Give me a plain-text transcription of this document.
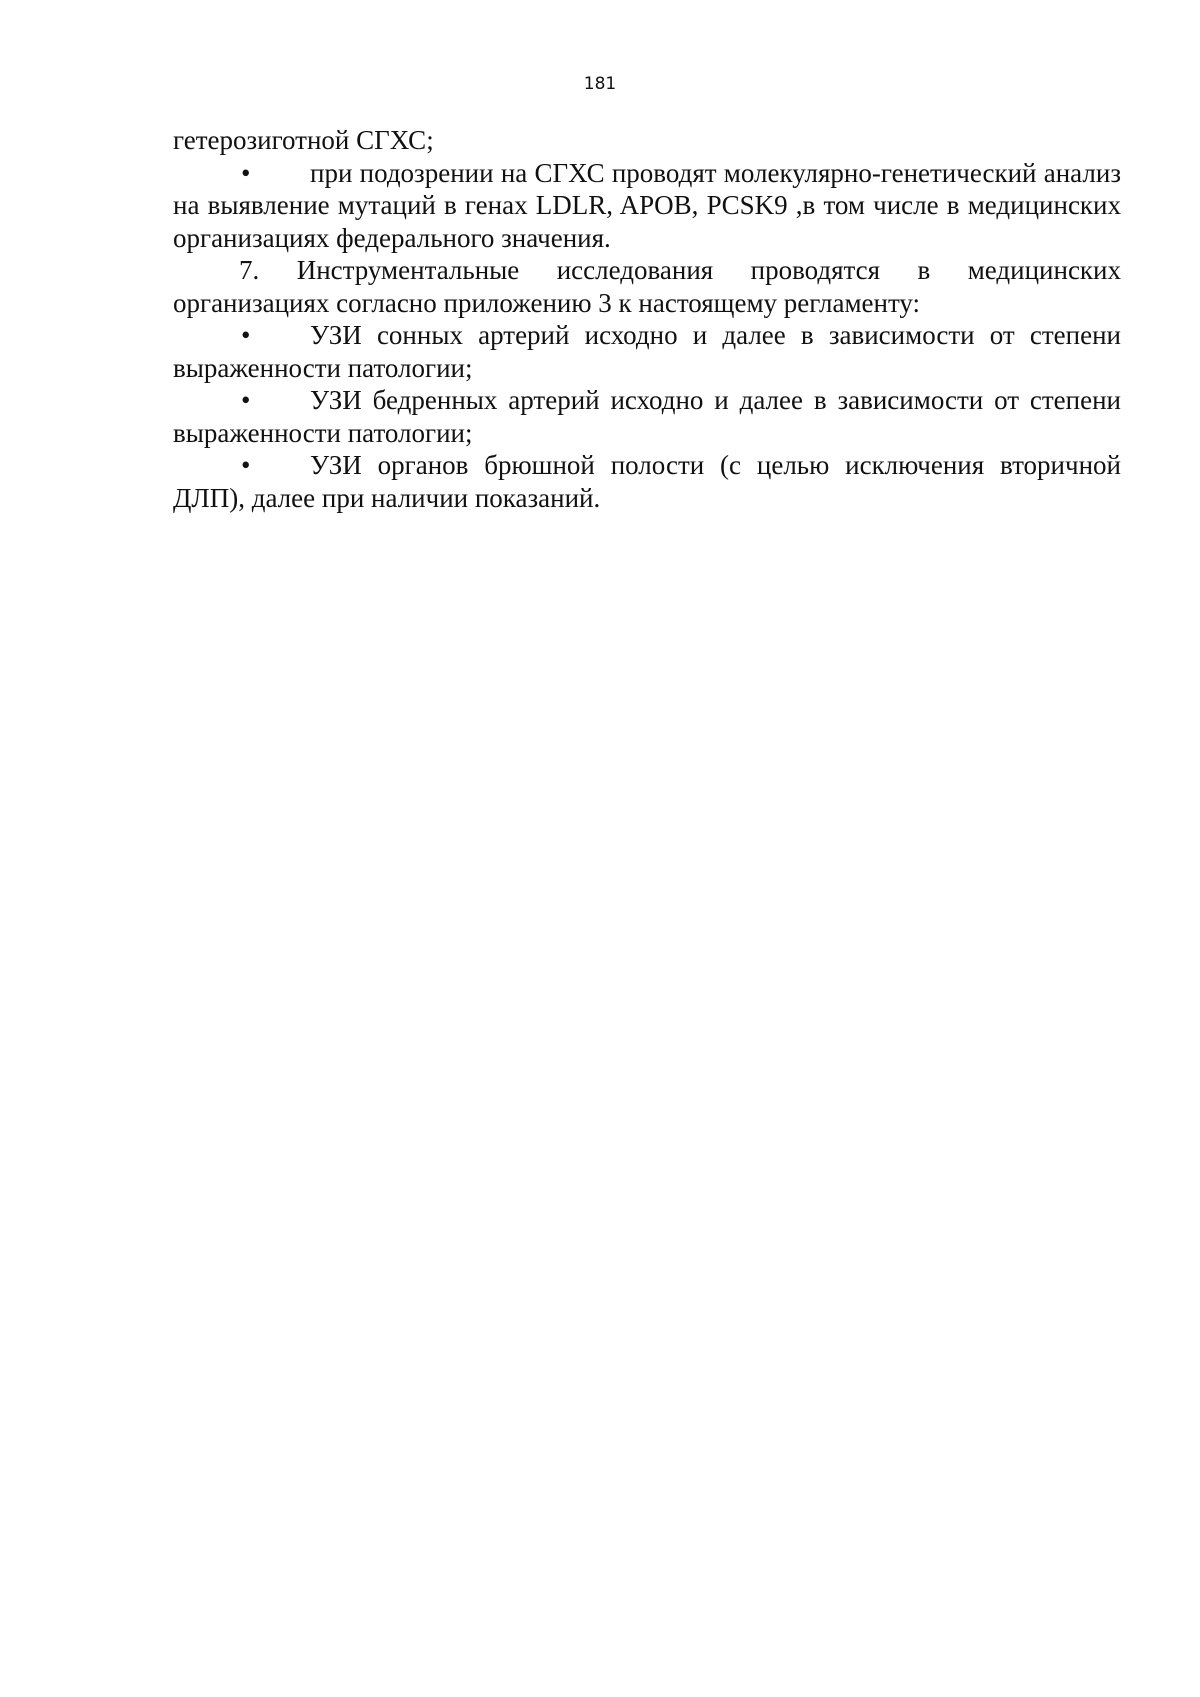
181

гетерозиготной СГХС;

• при подозрении на СГХС проводят молекулярно-генетический анализ на выявление мутаций в генах LDLR, APOB, PCSK9 ,в том числе в медицинских организациях федерального значения.

7. Инструментальные исследования проводятся в медицинских организациях согласно приложению 3 к настоящему регламенту:

• УЗИ сонных артерий исходно и далее в зависимости от степени выраженности патологии;

• УЗИ бедренных артерий исходно и далее в зависимости от степени выраженности патологии;

• УЗИ органов брюшной полости (с целью исключения вторичной ДЛП), далее при наличии показаний.
